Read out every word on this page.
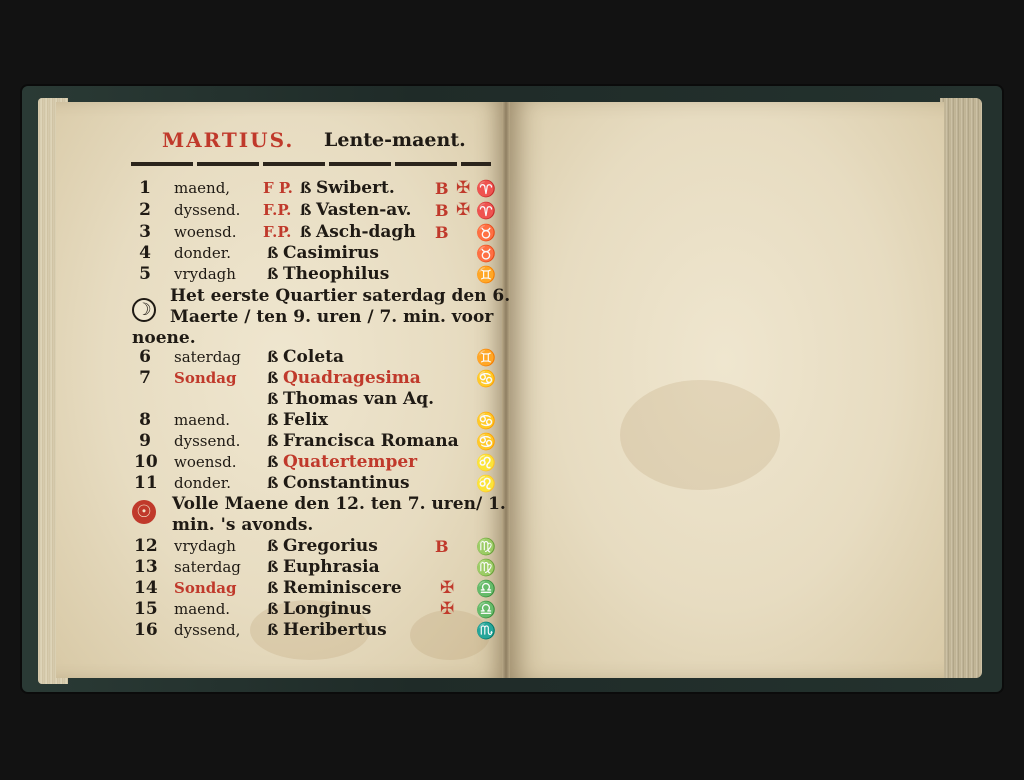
MARTIUS. Lente-maent.
1	maend, F P. ß Swibert.	B ✠ ♈
2	dyssend. F.P. ß Vasten-av. B ✠ ♈
3	woensd. F.P. ß Asch-dagh B ♉
4	donder. ß Casimirus	♉
5	vrydagh ß Theophilus	♊
6	saterdag ß Coleta	♊
7	Sondag ß Quadragesima	♋
ß Thomas van Aq.
8	maend. ß Felix	♋
9	dyssend. ß Francisca Romana ♋
10 woensd. ß Quatertemper	♌
11 donder. ß Constantinus	♌
12 vrydagh ß Gregorius	B ♍
13 saterdag ß Euphrasia	♍
14 Sondag ß Reminiscere ✠ ♎
15 maend. ß Longinus	✠ ♎
16 dyssend, ß Heribertus	♏
☽
Het eerste Quartier saterdag den 6.
Maerte / ten 9. uren / 7. min. voor
noene.
☉ Volle Maene den 12. ten 7. uren/ 1.
min. 's avonds.
